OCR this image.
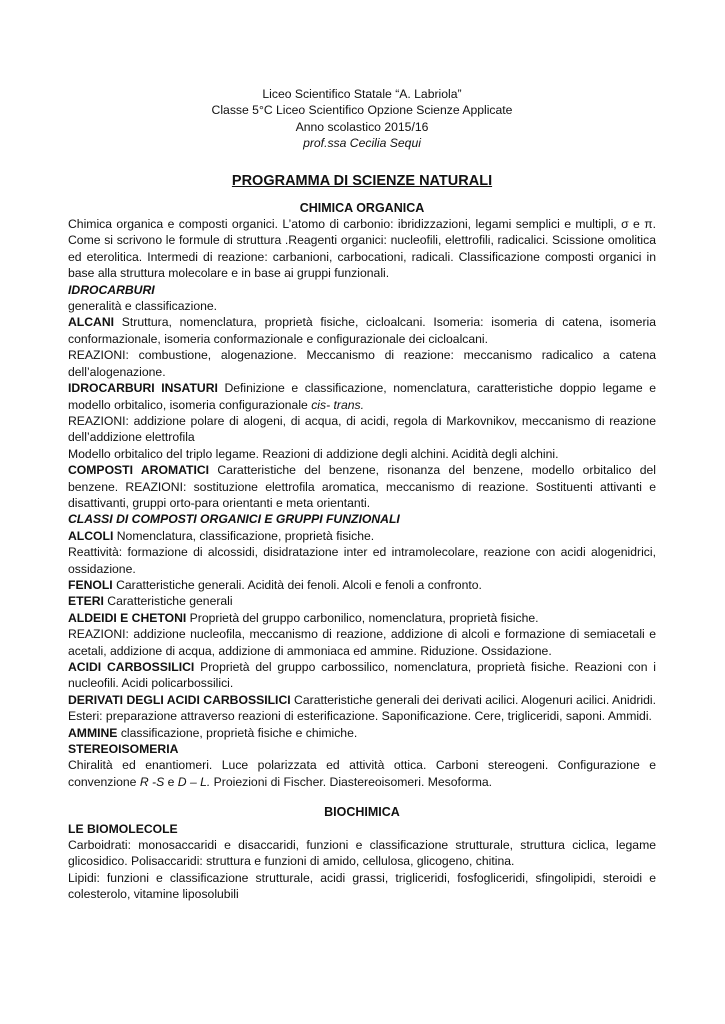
Liceo Scientifico Statale “A. Labriola”
Classe 5°C Liceo Scientifico Opzione Scienze Applicate
Anno scolastico 2015/16
prof.ssa Cecilia Sequi
PROGRAMMA DI SCIENZE NATURALI
CHIMICA ORGANICA

Chimica organica e composti organici. L’atomo di carbonio: ibridizzazioni, legami semplici e multipli, σ e π. Come si scrivono le formule di struttura .Reagenti organici: nucleofili, elettrofili, radicalici. Scissione omolitica ed eterolitica. Intermedi di reazione: carbanioni, carbocationi, radicali. Classificazione composti organici in base alla struttura molecolare e in base ai gruppi funzionali.

IDROCARBURI

generalità e classificazione.

ALCANI Struttura, nomenclatura, proprietà fisiche, cicloalcani. Isomeria: isomeria di catena, isomeria conformazionale, isomeria conformazionale e configurazionale dei cicloalcani.

REAZIONI: combustione, alogenazione. Meccanismo di reazione: meccanismo radicalico a catena dell’alogenazione.

IDROCARBURI INSATURI Definizione e classificazione, nomenclatura, caratteristiche doppio legame e modello orbitalico, isomeria configurazionale cis- trans.

REAZIONI: addizione polare di alogeni, di acqua, di acidi, regola di Markovnikov, meccanismo di reazione dell’addizione elettrofila

Modello orbitalico del triplo legame. Reazioni di addizione degli alchini. Acidità degli alchini.

COMPOSTI AROMATICI Caratteristiche del benzene, risonanza del benzene, modello orbitalico del benzene. REAZIONI: sostituzione elettrofila aromatica, meccanismo di reazione. Sostituenti attivanti e disattivanti, gruppi orto-para orientanti e meta orientanti.

CLASSI DI COMPOSTI ORGANICI E GRUPPI FUNZIONALI

ALCOLI Nomenclatura, classificazione, proprietà fisiche.

Reattività: formazione di alcossidi, disidratazione inter ed intramolecolare, reazione con acidi alogenidrici, ossidazione.

FENOLI Caratteristiche generali. Acidità dei fenoli. Alcoli e fenoli a confronto.

ETERI Caratteristiche generali

ALDEIDI E CHETONI Proprietà del gruppo carbonilico, nomenclatura, proprietà fisiche.

REAZIONI: addizione nucleofila, meccanismo di reazione, addizione di alcoli e formazione di semiacetali e acetali, addizione di acqua, addizione di ammoniaca ed ammine. Riduzione. Ossidazione.

ACIDI CARBOSSILICI Proprietà del gruppo carbossilico, nomenclatura, proprietà fisiche. Reazioni con i nucleofili. Acidi policarbossilici.

DERIVATI DEGLI ACIDI CARBOSSILICI Caratteristiche generali dei derivati acilici. Alogenuri acilici. Anidridi. Esteri: preparazione attraverso reazioni di esterificazione. Saponificazione. Cere, trigliceridi, saponi. Ammidi.

AMMINE classificazione, proprietà fisiche e chimiche.

STEREOISOMERIA

Chiralità ed enantiomeri. Luce polarizzata ed attività ottica. Carboni stereogeni. Configurazione e convenzione R -S e D – L. Proiezioni di Fischer. Diastereoisomeri. Mesoforma.

BIOCHIMICA

LE BIOMOLECOLE

Carboidrati: monosaccaridi e disaccaridi, funzioni e classificazione strutturale, struttura ciclica, legame glicosidico. Polisaccaridi: struttura e funzioni di amido, cellulosa, glicogeno, chitina.

Lipidi: funzioni e classificazione strutturale, acidi grassi, trigliceridi, fosfogliceridi, sfingolipidi, steroidi e colesterolo, vitamine liposolubili
